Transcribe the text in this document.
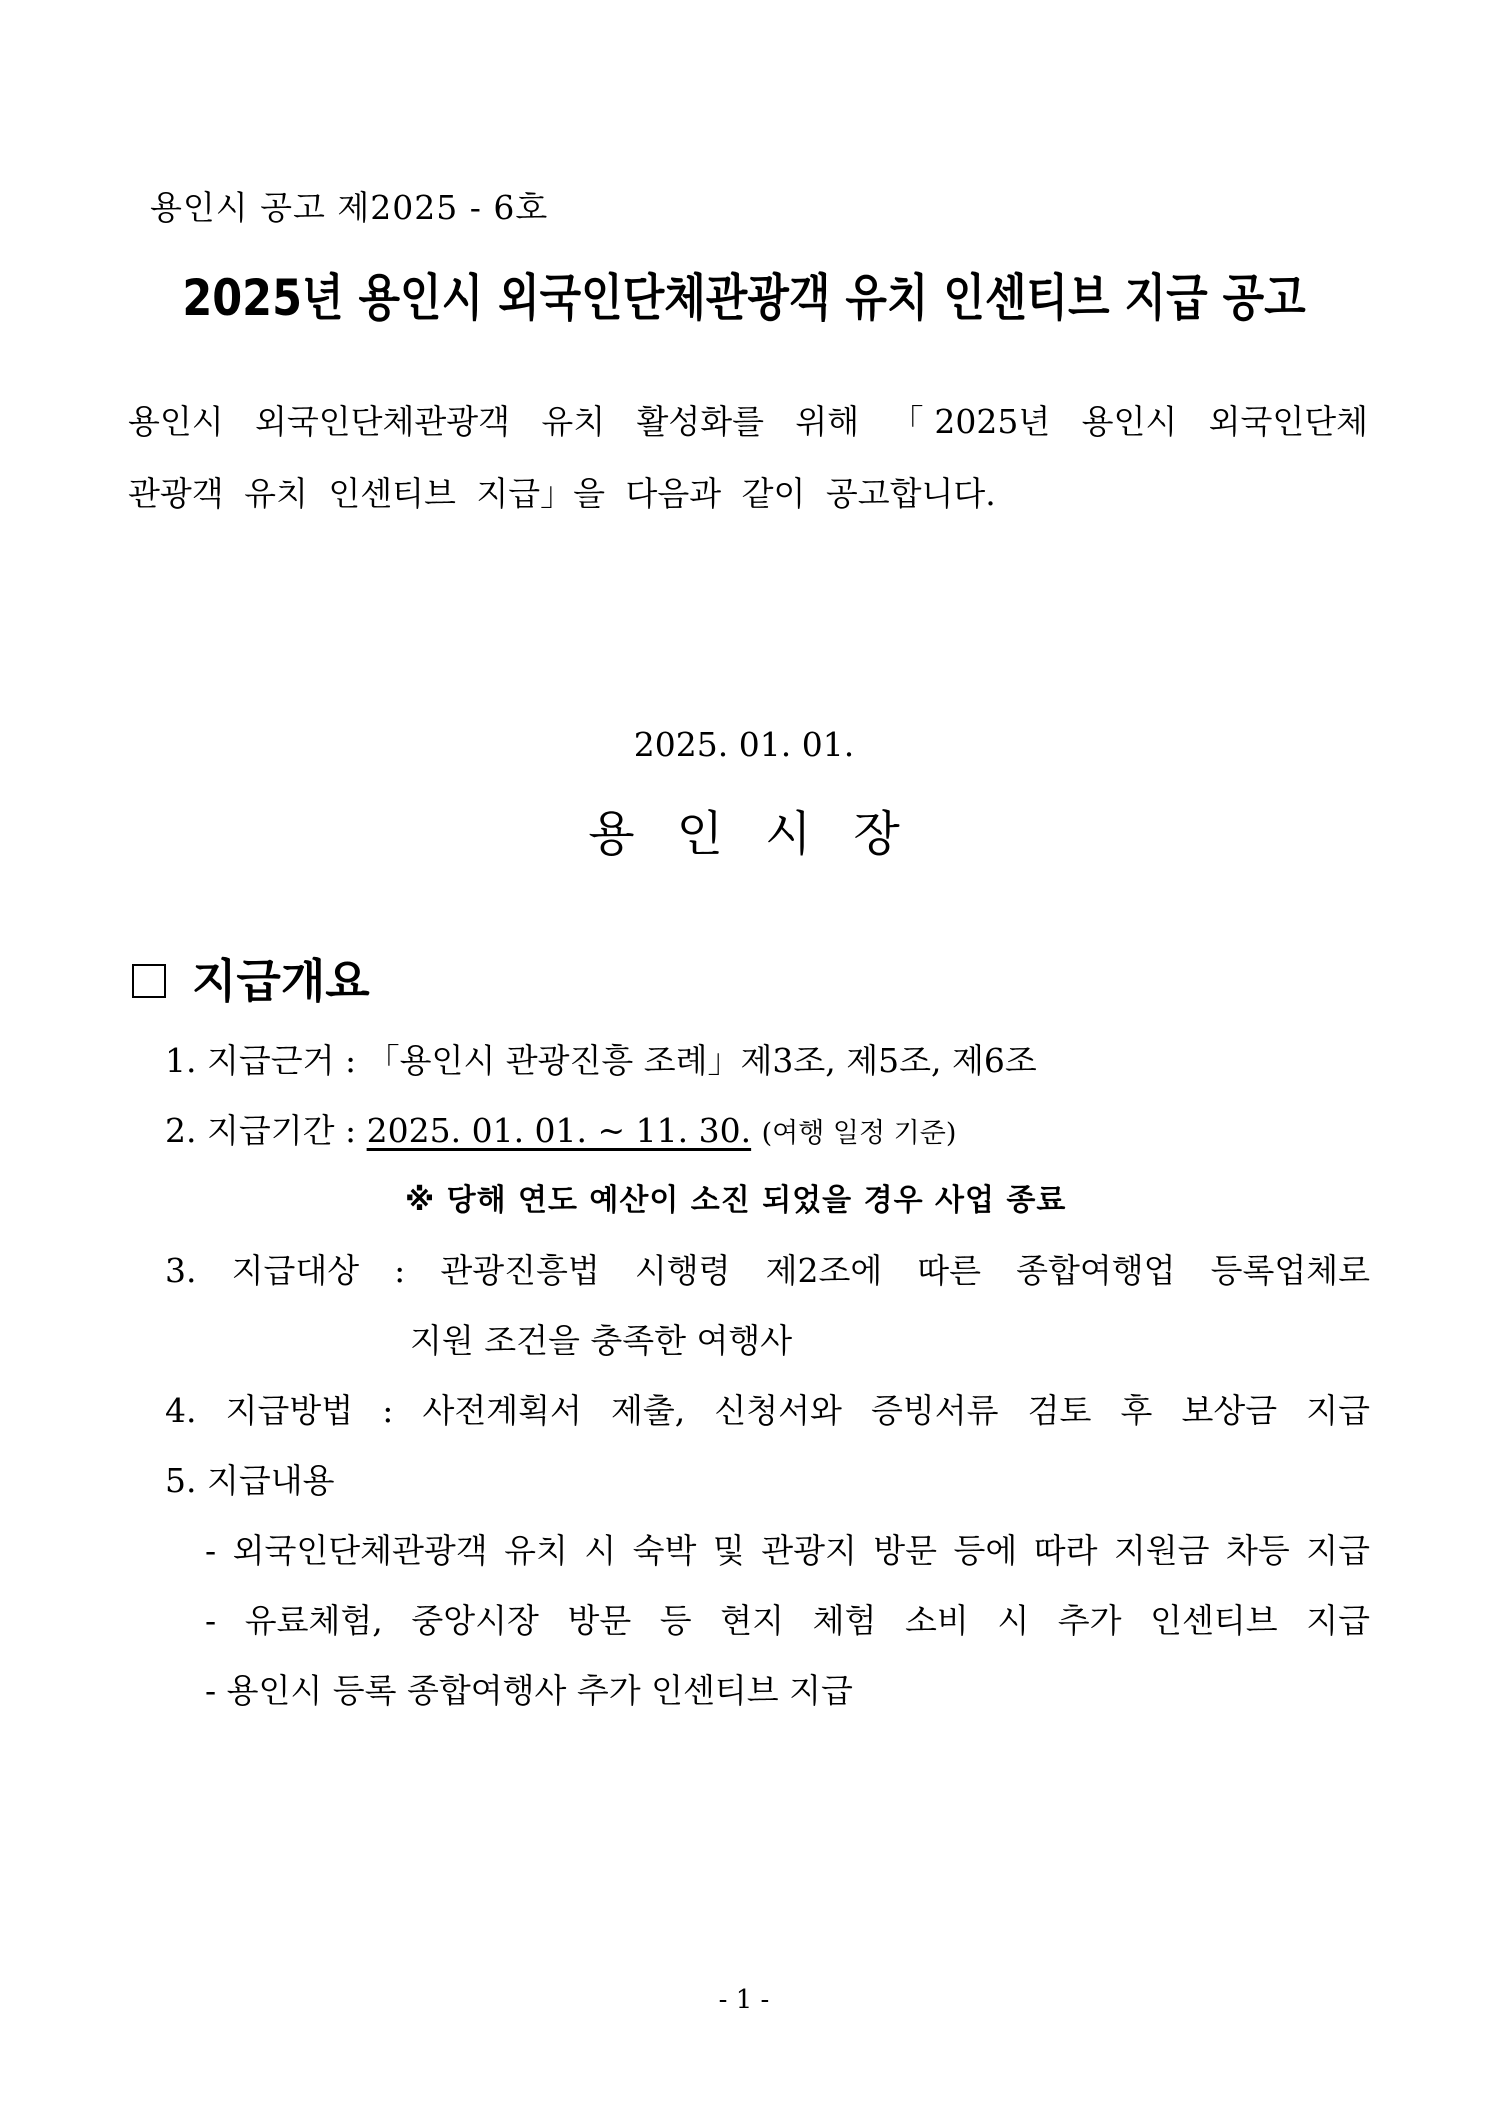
용인시 공고 제2025 - 6호
2025년 용인시 외국인단체관광객 유치 인센티브 지급 공고
용인시 외국인단체관광객 유치 활성화를 위해 「2025년 용인시 외국인단체
관광객 유치 인센티브 지급」을 다음과 같이 공고합니다.
2025. 01. 01.
용인시장
지급개요
1. 지급근거 : 「용인시 관광진흥 조례」제3조, 제5조, 제6조
2. 지급기간 : 2025. 01. 01. ~ 11. 30. (여행 일정 기준)
※ 당해 연도 예산이 소진 되었을 경우 사업 종료
3. 지급대상 : 관광진흥법 시행령 제2조에 따른 종합여행업 등록업체로
지원 조건을 충족한 여행사
4. 지급방법 : 사전계획서 제출, 신청서와 증빙서류 검토 후 보상금 지급
5. 지급내용
- 외국인단체관광객 유치 시 숙박 및 관광지 방문 등에 따라 지원금 차등 지급
- 유료체험, 중앙시장 방문 등 현지 체험 소비 시 추가 인센티브 지급
- 용인시 등록 종합여행사 추가 인센티브 지급
- 1 -
